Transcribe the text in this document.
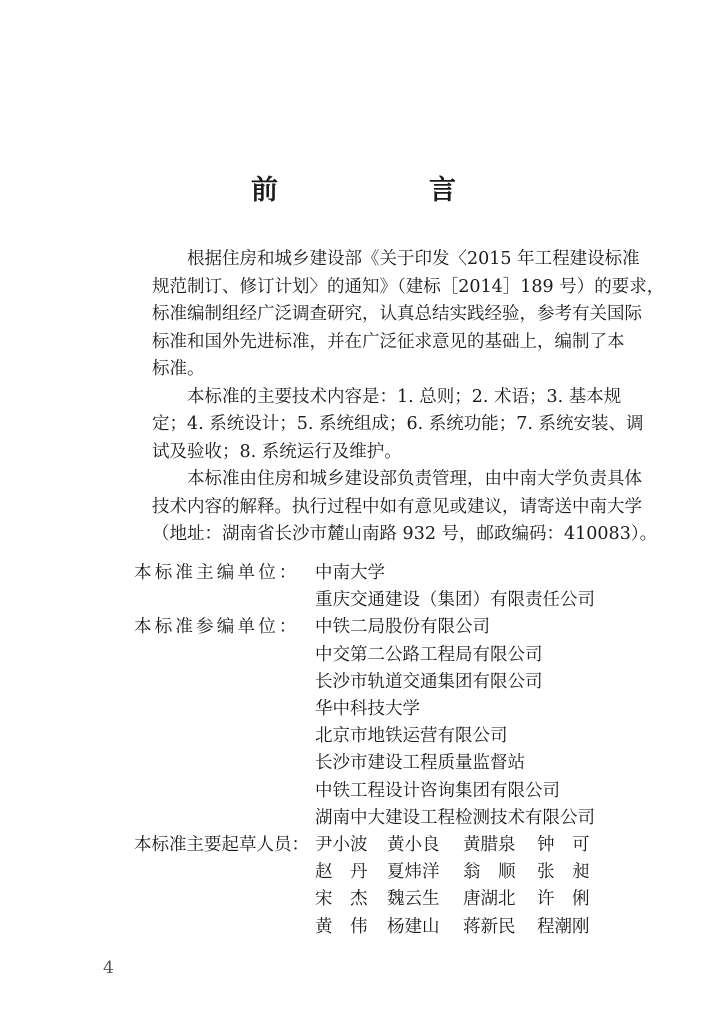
前　言
根据住房和城乡建设部《关于印发〈2015 年工程建设标准
规范制订、修订计划〉的通知》（建标［2014］189 号）的要求，
标准编制组经广泛调查研究，认真总结实践经验，参考有关国际
标准和国外先进标准，并在广泛征求意见的基础上，编制了本
标准。
本标准的主要技术内容是：1. 总则；2. 术语；3. 基本规
定；4. 系统设计；5. 系统组成；6. 系统功能；7. 系统安装、调
试及验收；8. 系统运行及维护。
本标准由住房和城乡建设部负责管理，由中南大学负责具体
技术内容的解释。执行过程中如有意见或建议，请寄送中南大学
（地址：湖南省长沙市麓山南路 932 号，邮政编码：410083）。
本标准主编单位： 中南大学
重庆交通建设（集团）有限责任公司
本标准参编单位： 中铁二局股份有限公司
中交第二公路工程局有限公司
长沙市轨道交通集团有限公司
华中科技大学
北京市地铁运营有限公司
长沙市建设工程质量监督站
中铁工程设计咨询集团有限公司
湖南中大建设工程检测技术有限公司
本标准主要起草人员： 尹小波	黄小良	黄腊泉	钟　可
赵　丹	夏炜洋	翁　顺	张　昶
宋　杰	魏云生	唐湖北	许　俐
黄　伟	杨建山	蒋新民	程潮刚
4
